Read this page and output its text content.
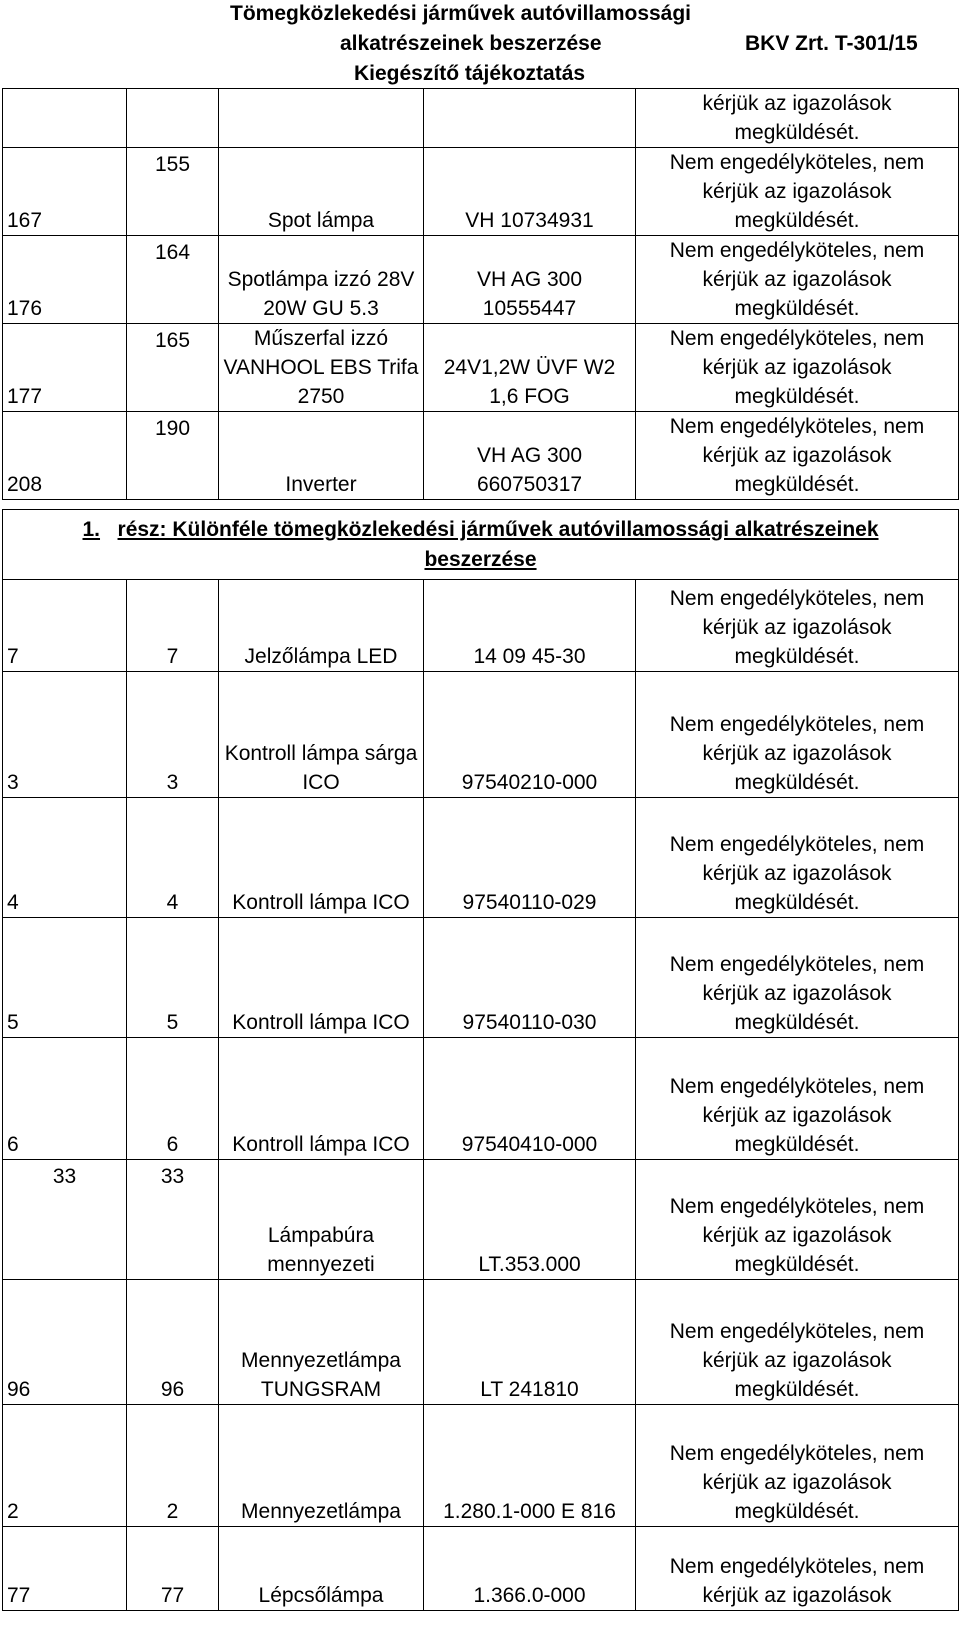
Tömegközlekedési járművek autóvillamossági
alkatrészeinek beszerzése	BKV Zrt. T-301/15
Kiegészítő tájékoztatás

				kérjük az igazolások
megküldését.

167	155	Spot lámpa	VH 10734931	Nem engedélyköteles, nem
kérjük az igazolások
megküldését.

176	164	Spotlámpa izzó 28V 20W GU 5.3	VH AG 300 10555447	Nem engedélyköteles, nem
kérjük az igazolások
megküldését.

177	165	Műszerfal izzó VANHOOL EBS Trifa 2750	24V1,2W ÜVF W2 1,6 FOG	Nem engedélyköteles, nem
kérjük az igazolások
megküldését.

208	190	Inverter	VH AG 300 660750317	Nem engedélyköteles, nem
kérjük az igazolások
megküldését.
1. rész: Különféle tömegközlekedési járművek autóvillamossági alkatrészeinek
beszerzése				
7	7	Jelzőlámpa LED	14 09 45-30	Nem engedélyköteles, nem
kérjük az igazolások
megküldését.

3	3	Kontroll lámpa sárga ICO	97540210-000	Nem engedélyköteles, nem
kérjük az igazolások
megküldését.

4	4	Kontroll lámpa ICO	97540110-029	Nem engedélyköteles, nem
kérjük az igazolások
megküldését.

5	5	Kontroll lámpa ICO	97540110-030	Nem engedélyköteles, nem
kérjük az igazolások
megküldését.

6	6	Kontroll lámpa ICO	97540410-000	Nem engedélyköteles, nem
kérjük az igazolások
megküldését.

33	33	Lámpabúra mennyezeti	LT.353.000	Nem engedélyköteles, nem
kérjük az igazolások
megküldését.

96	96	Mennyezetlámpa TUNGSRAM	LT 241810	Nem engedélyköteles, nem
kérjük az igazolások
megküldését.

2	2	Mennyezetlámpa	1.280.1-000 E 816	Nem engedélyköteles, nem
kérjük az igazolások
megküldését.

77	77	Lépcsőlámpa	1.366.0-000	Nem engedélyköteles, nem
kérjük az igazolások
